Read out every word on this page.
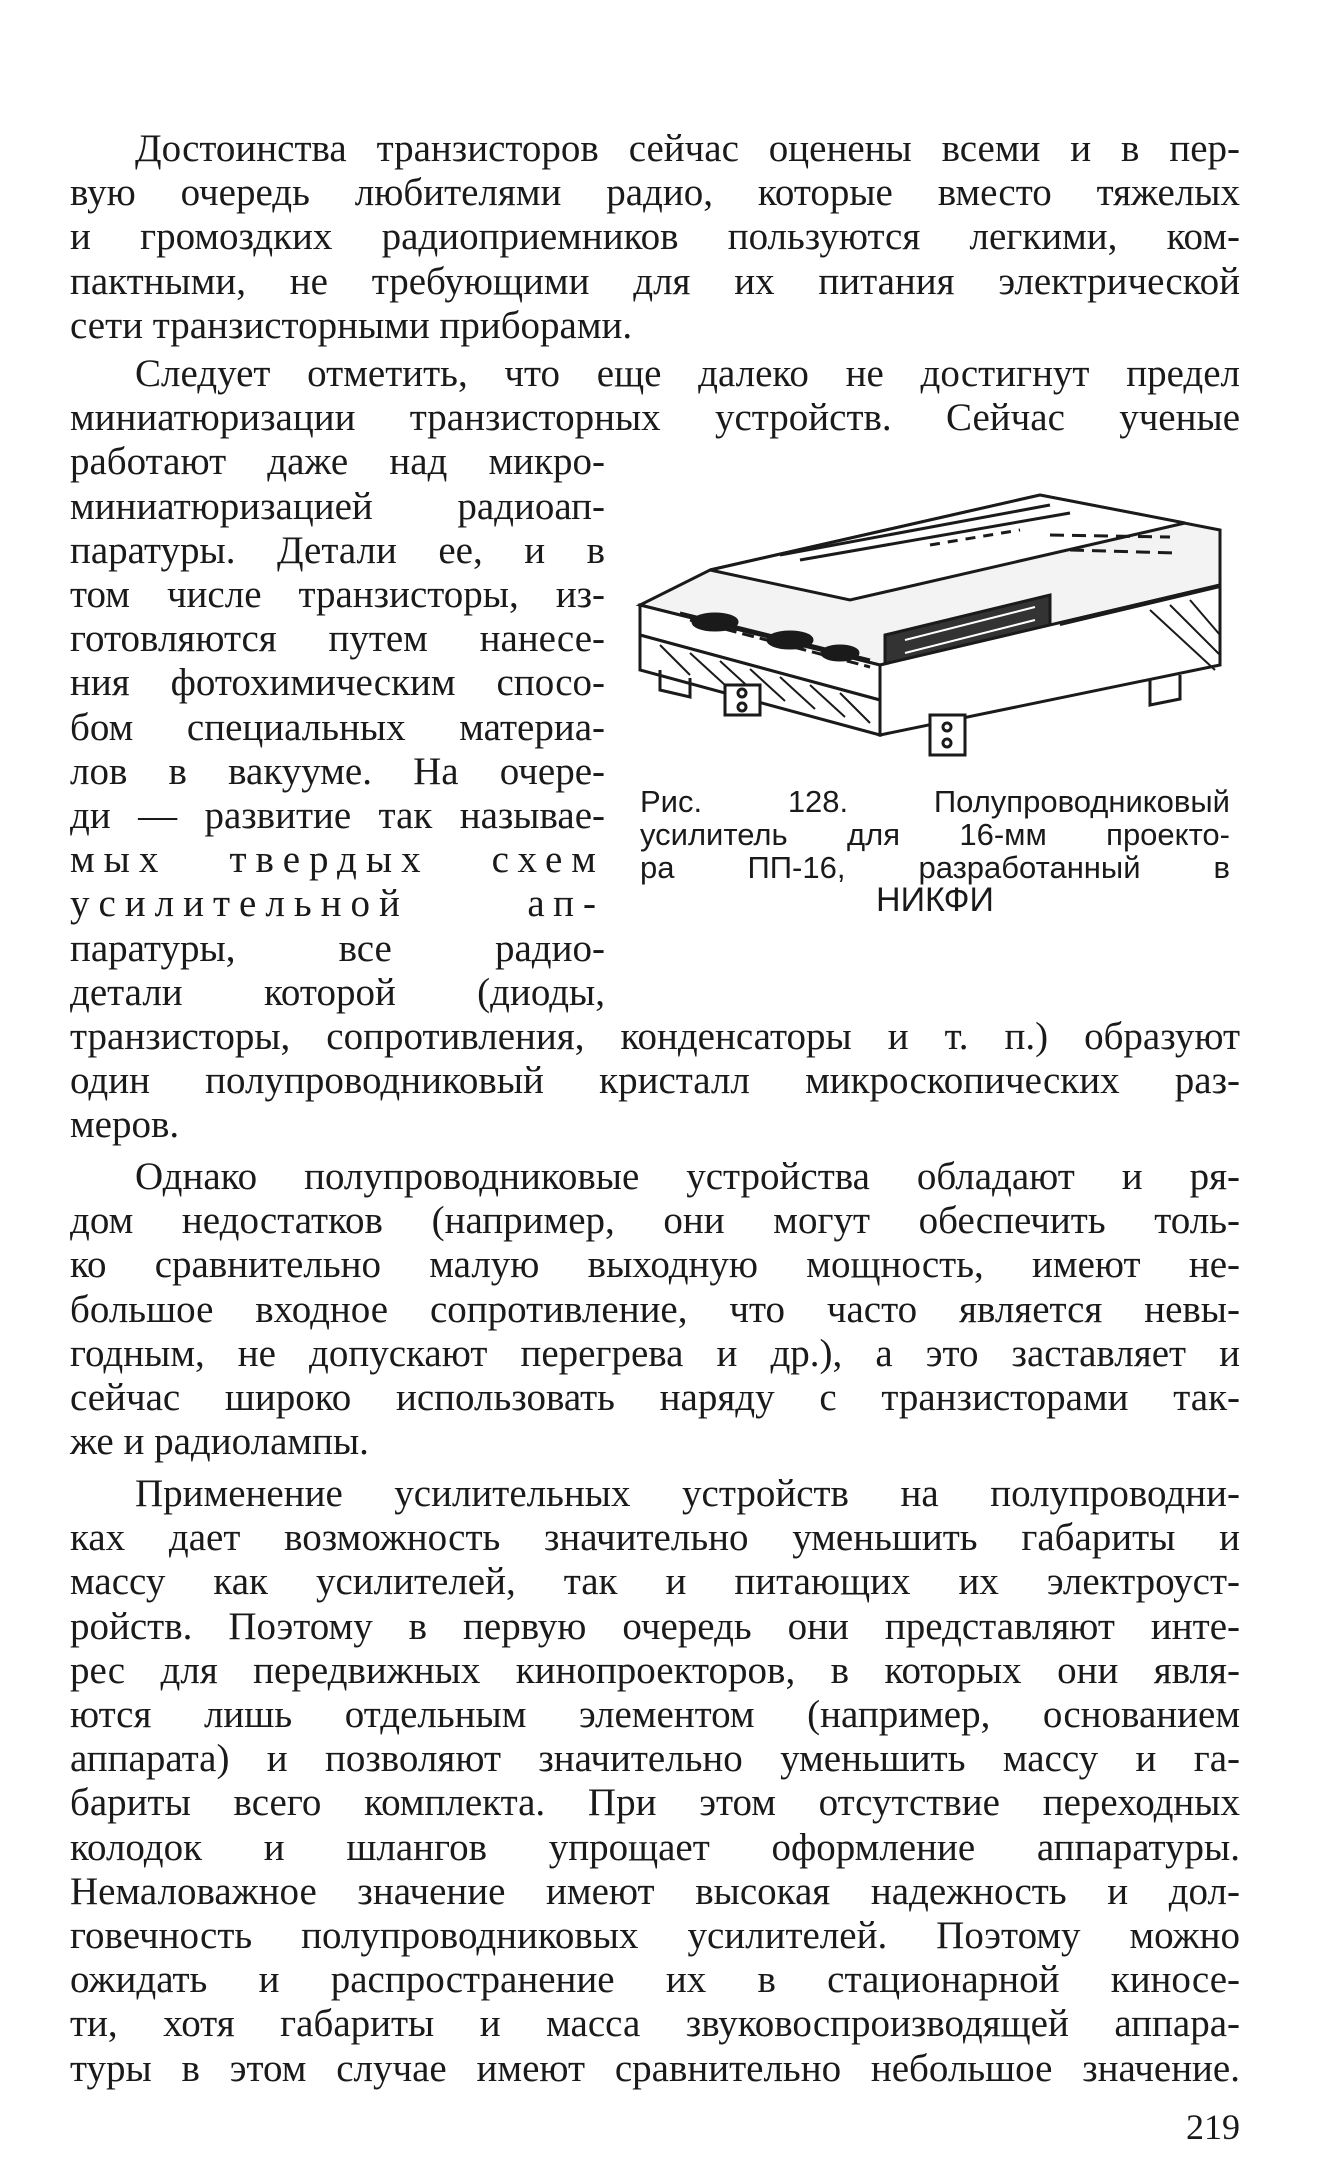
Достоинства транзисторов сейчас оценены всеми и в пер-
вую очередь любителями радио, которые вместо тяжелых
и громоздких радиоприемников пользуются легкими, ком-
пактными, не требующими для их питания электрической
сети транзисторными приборами.
Следует отметить, что еще далеко не достигнут предел
миниатюризации транзисторных устройств. Сейчас ученые
работают даже над микро-
миниатюризацией радиоап-
паратуры. Детали ее, и в
том числе транзисторы, из-
готовляются путем нанесе-
ния фотохимическим спосо-
бом специальных материа-
лов в вакууме. На очере-
ди — развитие так называе-
мых твердых схем
усилительной ап-
паратуры, все радио-
детали которой (диоды,
транзисторы, сопротивления, конденсаторы и т. п.) образуют
один полупроводниковый кристалл микроскопических раз-
меров.
Однако полупроводниковые устройства обладают и ря-
дом недостатков (например, они могут обеспечить толь-
ко сравнительно малую выходную мощность, имеют не-
большое входное сопротивление, что часто является невы-
годным, не допускают перегрева и др.), а это заставляет и
сейчас широко использовать наряду с транзисторами так-
же и радиолампы.
Применение усилительных устройств на полупроводни-
ках дает возможность значительно уменьшить габариты и
массу как усилителей, так и питающих их электроуст-
ройств. Поэтому в первую очередь они представляют инте-
рес для передвижных кинопроекторов, в которых они явля-
ются лишь отдельным элементом (например, основанием
аппарата) и позволяют значительно уменьшить массу и га-
бариты всего комплекта. При этом отсутствие переходных
колодок и шлангов упрощает оформление аппаратуры.
Немаловажное значение имеют высокая надежность и дол-
говечность полупроводниковых усилителей. Поэтому можно
ожидать и распространение их в стационарной киносе-
ти, хотя габариты и масса звуковоспроизводящей аппара-
туры в этом случае имеют сравнительно небольшое значение.
Рис. 128. Полупроводниковый
усилитель для 16-мм проекто-
ра ПП-16, разработанный в
НИКФИ
219
